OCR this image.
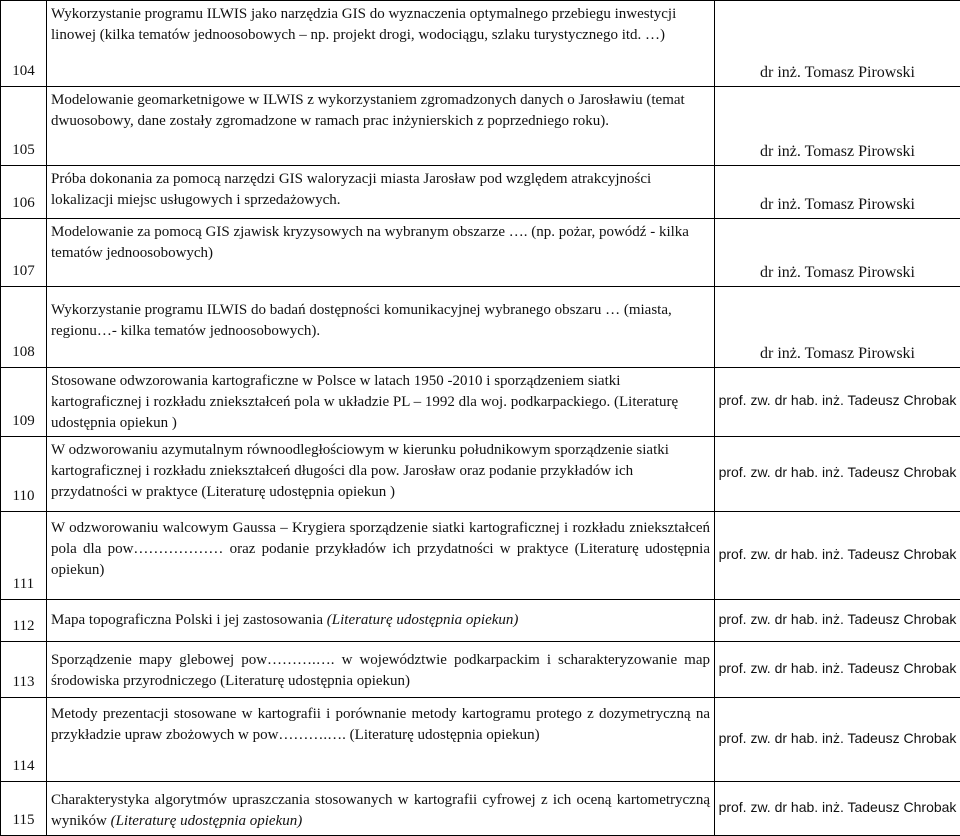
104	Wykorzystanie programu ILWIS jako narzędzia GIS do wyznaczenia optymalnego przebiegu inwestycji linowej (kilka tematów jednoosobowych – np. projekt drogi, wodociągu, szlaku turystycznego itd. …)	dr inż. Tomasz Pirowski
105	Modelowanie geomarketnigowe w ILWIS z wykorzystaniem zgromadzonych danych o Jarosławiu (temat dwuosobowy, dane zostały zgromadzone w ramach prac inżynierskich z poprzedniego roku).	dr inż. Tomasz Pirowski
106	Próba dokonania za pomocą narzędzi GIS waloryzacji miasta Jarosław pod względem atrakcyjności lokalizacji miejsc usługowych i sprzedażowych.	dr inż. Tomasz Pirowski
107	Modelowanie za pomocą GIS zjawisk kryzysowych na wybranym obszarze …. (np. pożar, powódź - kilka tematów jednoosobowych)	dr inż. Tomasz Pirowski
108	Wykorzystanie programu ILWIS do badań dostępności komunikacyjnej wybranego obszaru … (miasta, regionu…- kilka tematów jednoosobowych).	dr inż. Tomasz Pirowski
109	Stosowane odwzorowania kartograficzne w Polsce w latach 1950 -2010 i sporządzeniem siatki kartograficznej i rozkładu zniekształceń pola w układzie PL – 1992 dla woj. podkarpackiego. (Literaturę udostępnia opiekun )	prof. zw. dr hab. inż. Tadeusz Chrobak
110	W odzworowaniu azymutalnym równoodległościowym w kierunku południkowym sporządzenie siatki kartograficznej i rozkładu zniekształceń długości dla pow. Jarosław oraz podanie przykładów ich przydatności w praktyce (Literaturę udostępnia opiekun )	prof. zw. dr hab. inż. Tadeusz Chrobak
111	W odzworowaniu walcowym Gaussa – Krygiera sporządzenie siatki kartograficznej i rozkładu zniekształceń pola dla pow……………… oraz podanie przykładów ich przydatności w praktyce (Literaturę udostępnia opiekun)	prof. zw. dr hab. inż. Tadeusz Chrobak
112	Mapa topograficzna Polski i jej zastosowania (Literaturę udostępnia opiekun)	prof. zw. dr hab. inż. Tadeusz Chrobak
113	Sporządzenie mapy glebowej pow……….…. w województwie podkarpackim i scharakteryzowanie map środowiska przyrodniczego (Literaturę udostępnia opiekun)	prof. zw. dr hab. inż. Tadeusz Chrobak
114	Metody prezentacji stosowane w kartografii i porównanie metody kartogramu protego z dozymetryczną na przykładzie upraw zbożowych w pow……….…. (Literaturę udostępnia opiekun)	prof. zw. dr hab. inż. Tadeusz Chrobak
115	Charakterystyka algorytmów upraszczania stosowanych w kartografii cyfrowej z ich oceną kartometryczną wyników (Literaturę udostępnia opiekun)	prof. zw. dr hab. inż. Tadeusz Chrobak
